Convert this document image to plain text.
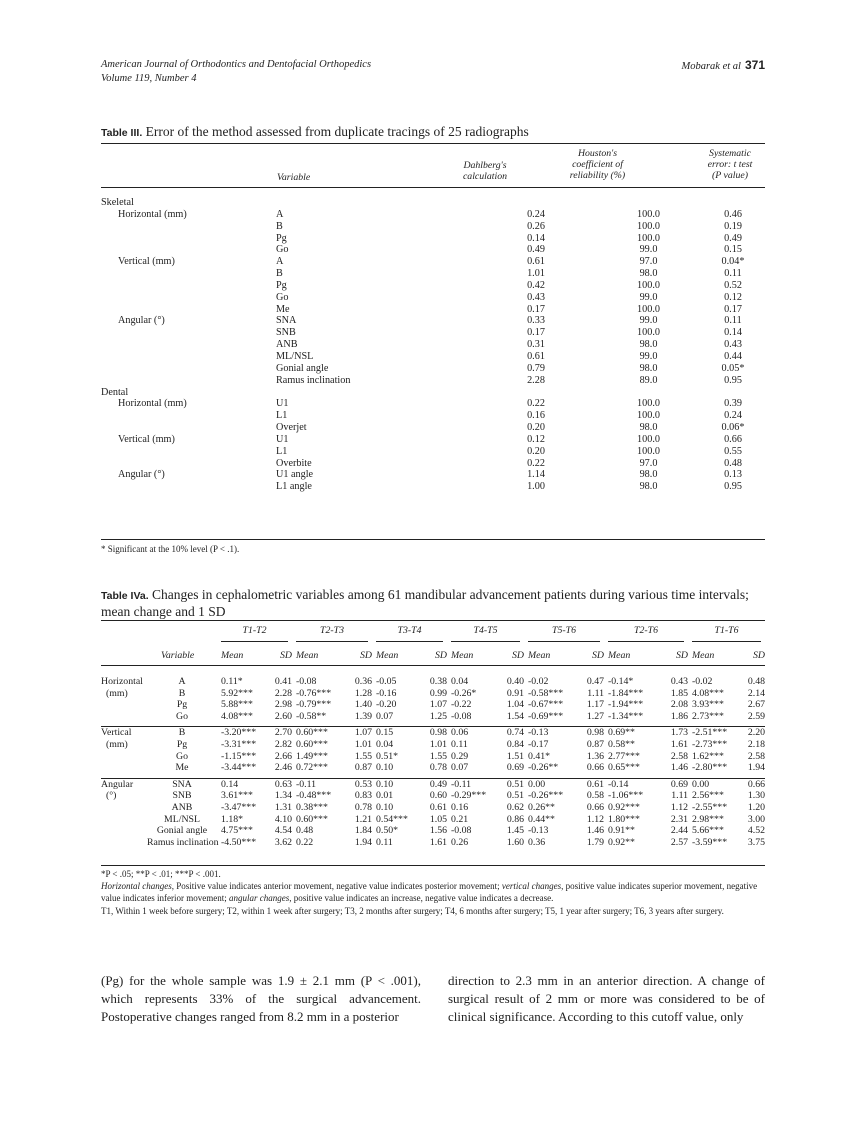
American Journal of Orthodontics and Dentofacial Orthopedics
Volume 119, Number 4
Mobarak et al 371
Table III. Error of the method assessed from duplicate tracings of 25 radiographs
Dahlberg's
calculation
Houston's
coefficient of
reliability (%)
Systematic
error: t test
(P value)
Variable
Skeletal				
Horizontal (mm)	A	0.24	100.0	0.46
	B	0.26	100.0	0.19
	Pg	0.14	100.0	0.49
	Go	0.49	99.0	0.15
Vertical (mm)	A	0.61	97.0	0.04*
	B	1.01	98.0	0.11
	Pg	0.42	100.0	0.52
	Go	0.43	99.0	0.12
	Me	0.17	100.0	0.17
Angular (°)	SNA	0.33	99.0	0.11
	SNB	0.17	100.0	0.14
	ANB	0.31	98.0	0.43
	ML/NSL	0.61	99.0	0.44
	Gonial angle	0.79	98.0	0.05*
	Ramus inclination	2.28	89.0	0.95
Dental				
Horizontal (mm)	U1	0.22	100.0	0.39
	L1	0.16	100.0	0.24
	Overjet	0.20	98.0	0.06*
Vertical (mm)	U1	0.12	100.0	0.66
	L1	0.20	100.0	0.55
	Overbite	0.22	97.0	0.48
Angular (°)	U1 angle	1.14	98.0	0.13
	L1 angle	1.00	98.0	0.95
* Significant at the 10% level (P < .1).
Table IVa. Changes in cephalometric variables among 61 mandibular advancement patients during various time intervals; mean change and 1 SD
T1-T2	T2-T3	T3-T4	T4-T5	T5-T6	T2-T6	T1-T6
Mean	SD Mean	SD Mean	SD Mean	SD Mean	SD Mean	SD Mean	SD
Variable
Horizontal	A	0.11*	0.41	-0.08	0.36	-0.05	0.38	0.04	0.40	-0.02	0.47	-0.14*	0.43	-0.02	0.48
(mm)	B	5.92***	2.28	-0.76***	1.28	-0.16	0.99	-0.26*	0.91	-0.58***	1.11	-1.84***	1.85	4.08***	2.14
	Pg	5.88***	2.98	-0.79***	1.40	-0.20	1.07	-0.22	1.04	-0.67***	1.17	-1.94***	2.08	3.93***	2.67
	Go	4.08***	2.60	-0.58**	1.39	0.07	1.25	-0.08	1.54	-0.69***	1.27	-1.34***	1.86	2.73***	2.59

Vertical	B	-3.20***	2.70	0.60***	1.07	0.15	0.98	0.06	0.74	-0.13	0.98	0.69**	1.73	-2.51***	2.20
(mm)	Pg	-3.31***	2.82	0.60***	1.01	0.04	1.01	0.11	0.84	-0.17	0.87	0.58**	1.61	-2.73***	2.18
	Go	-1.15***	2.66	1.49***	1.55	0.51*	1.55	0.29	1.51	0.41*	1.36	2.77***	2.58	1.62***	2.58
	Me	-3.44***	2.46	0.72***	0.87	0.10	0.78	0.07	0.69	-0.26**	0.66	0.65***	1.46	-2.80***	1.94

Angular	SNA	0.14	0.63	-0.11	0.53	0.10	0.49	-0.11	0.51	0.00	0.61	-0.14	0.69	0.00	0.66
(°)	SNB	3.61***	1.34	-0.48***	0.83	0.01	0.60	-0.29***	0.51	-0.26***	0.58	-1.06***	1.11	2.56***	1.30
	ANB	-3.47***	1.31	0.38***	0.78	0.10	0.61	0.16	0.62	0.26**	0.66	0.92***	1.12	-2.55***	1.20
	ML/NSL	1.18*	4.10	0.60***	1.21	0.54***	1.05	0.21	0.86	0.44**	1.12	1.80***	2.31	2.98***	3.00
	Gonial angle	4.75***	4.54	0.48	1.84	0.50*	1.56	-0.08	1.45	-0.13	1.46	0.91**	2.44	5.66***	4.52
	Ramus inclination	-4.50***	3.62	0.22	1.94	0.11	1.61	0.26	1.60	0.36	1.79	0.92**	2.57	-3.59***	3.75
*P < .05; **P < .01; ***P < .001.
Horizontal changes, Positive value indicates anterior movement, negative value indicates posterior movement; vertical changes, positive value indicates superior movement, negative value indicates inferior movement; angular changes, positive value indicates an increase, negative value indicates a decrease.
T1, Within 1 week before surgery; T2, within 1 week after surgery; T3, 2 months after surgery; T4, 6 months after surgery; T5, 1 year after surgery; T6, 3 years after surgery.
(Pg) for the whole sample was 1.9 ± 2.1 mm (P < .001), which represents 33% of the surgical advancement. Postoperative changes ranged from 8.2 mm in a posterior
direction to 2.3 mm in an anterior direction. A change of surgical result of 2 mm or more was considered to be of clinical significance. According to this cutoff value, only
